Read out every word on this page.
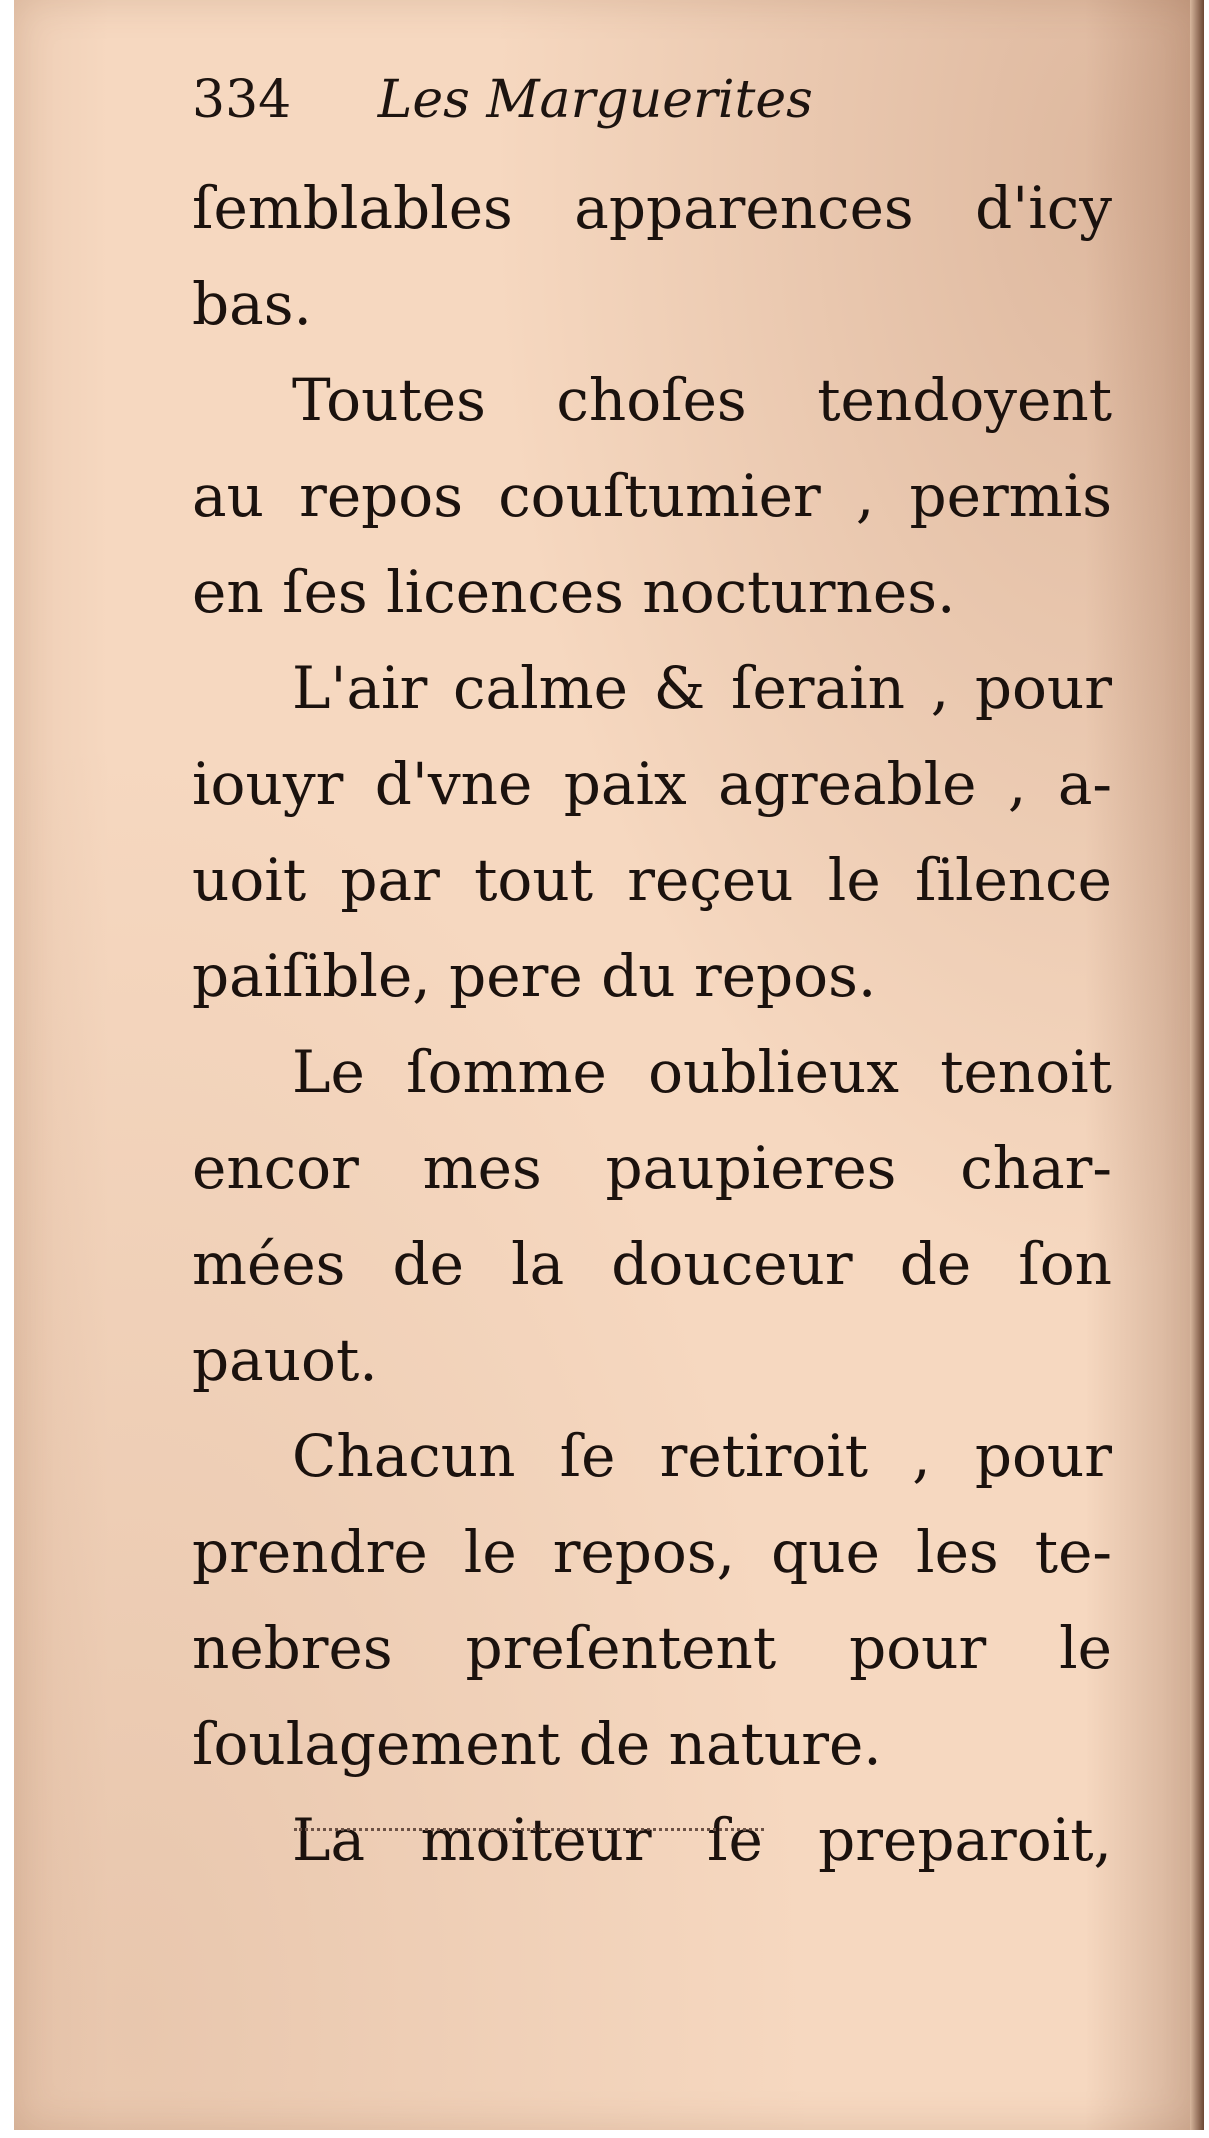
334 Les Marguerites
ſemblables apparences d'icy
bas.
Toutes choſes tendoyent
au repos couſtumier , permis
en ſes licences nocturnes.
L'air calme & ſerain , pour
iouyr d'vne paix agreable , a-
uoit par tout reçeu le ſilence
paiſible, pere du repos.
Le ſomme oublieux tenoit
encor mes paupieres char-
mées de la douceur de ſon
pauot.
Chacun ſe retiroit , pour
prendre le repos, que les te-
nebres preſentent pour le
ſoulagement de nature.
La moiteur ſe preparoit,
